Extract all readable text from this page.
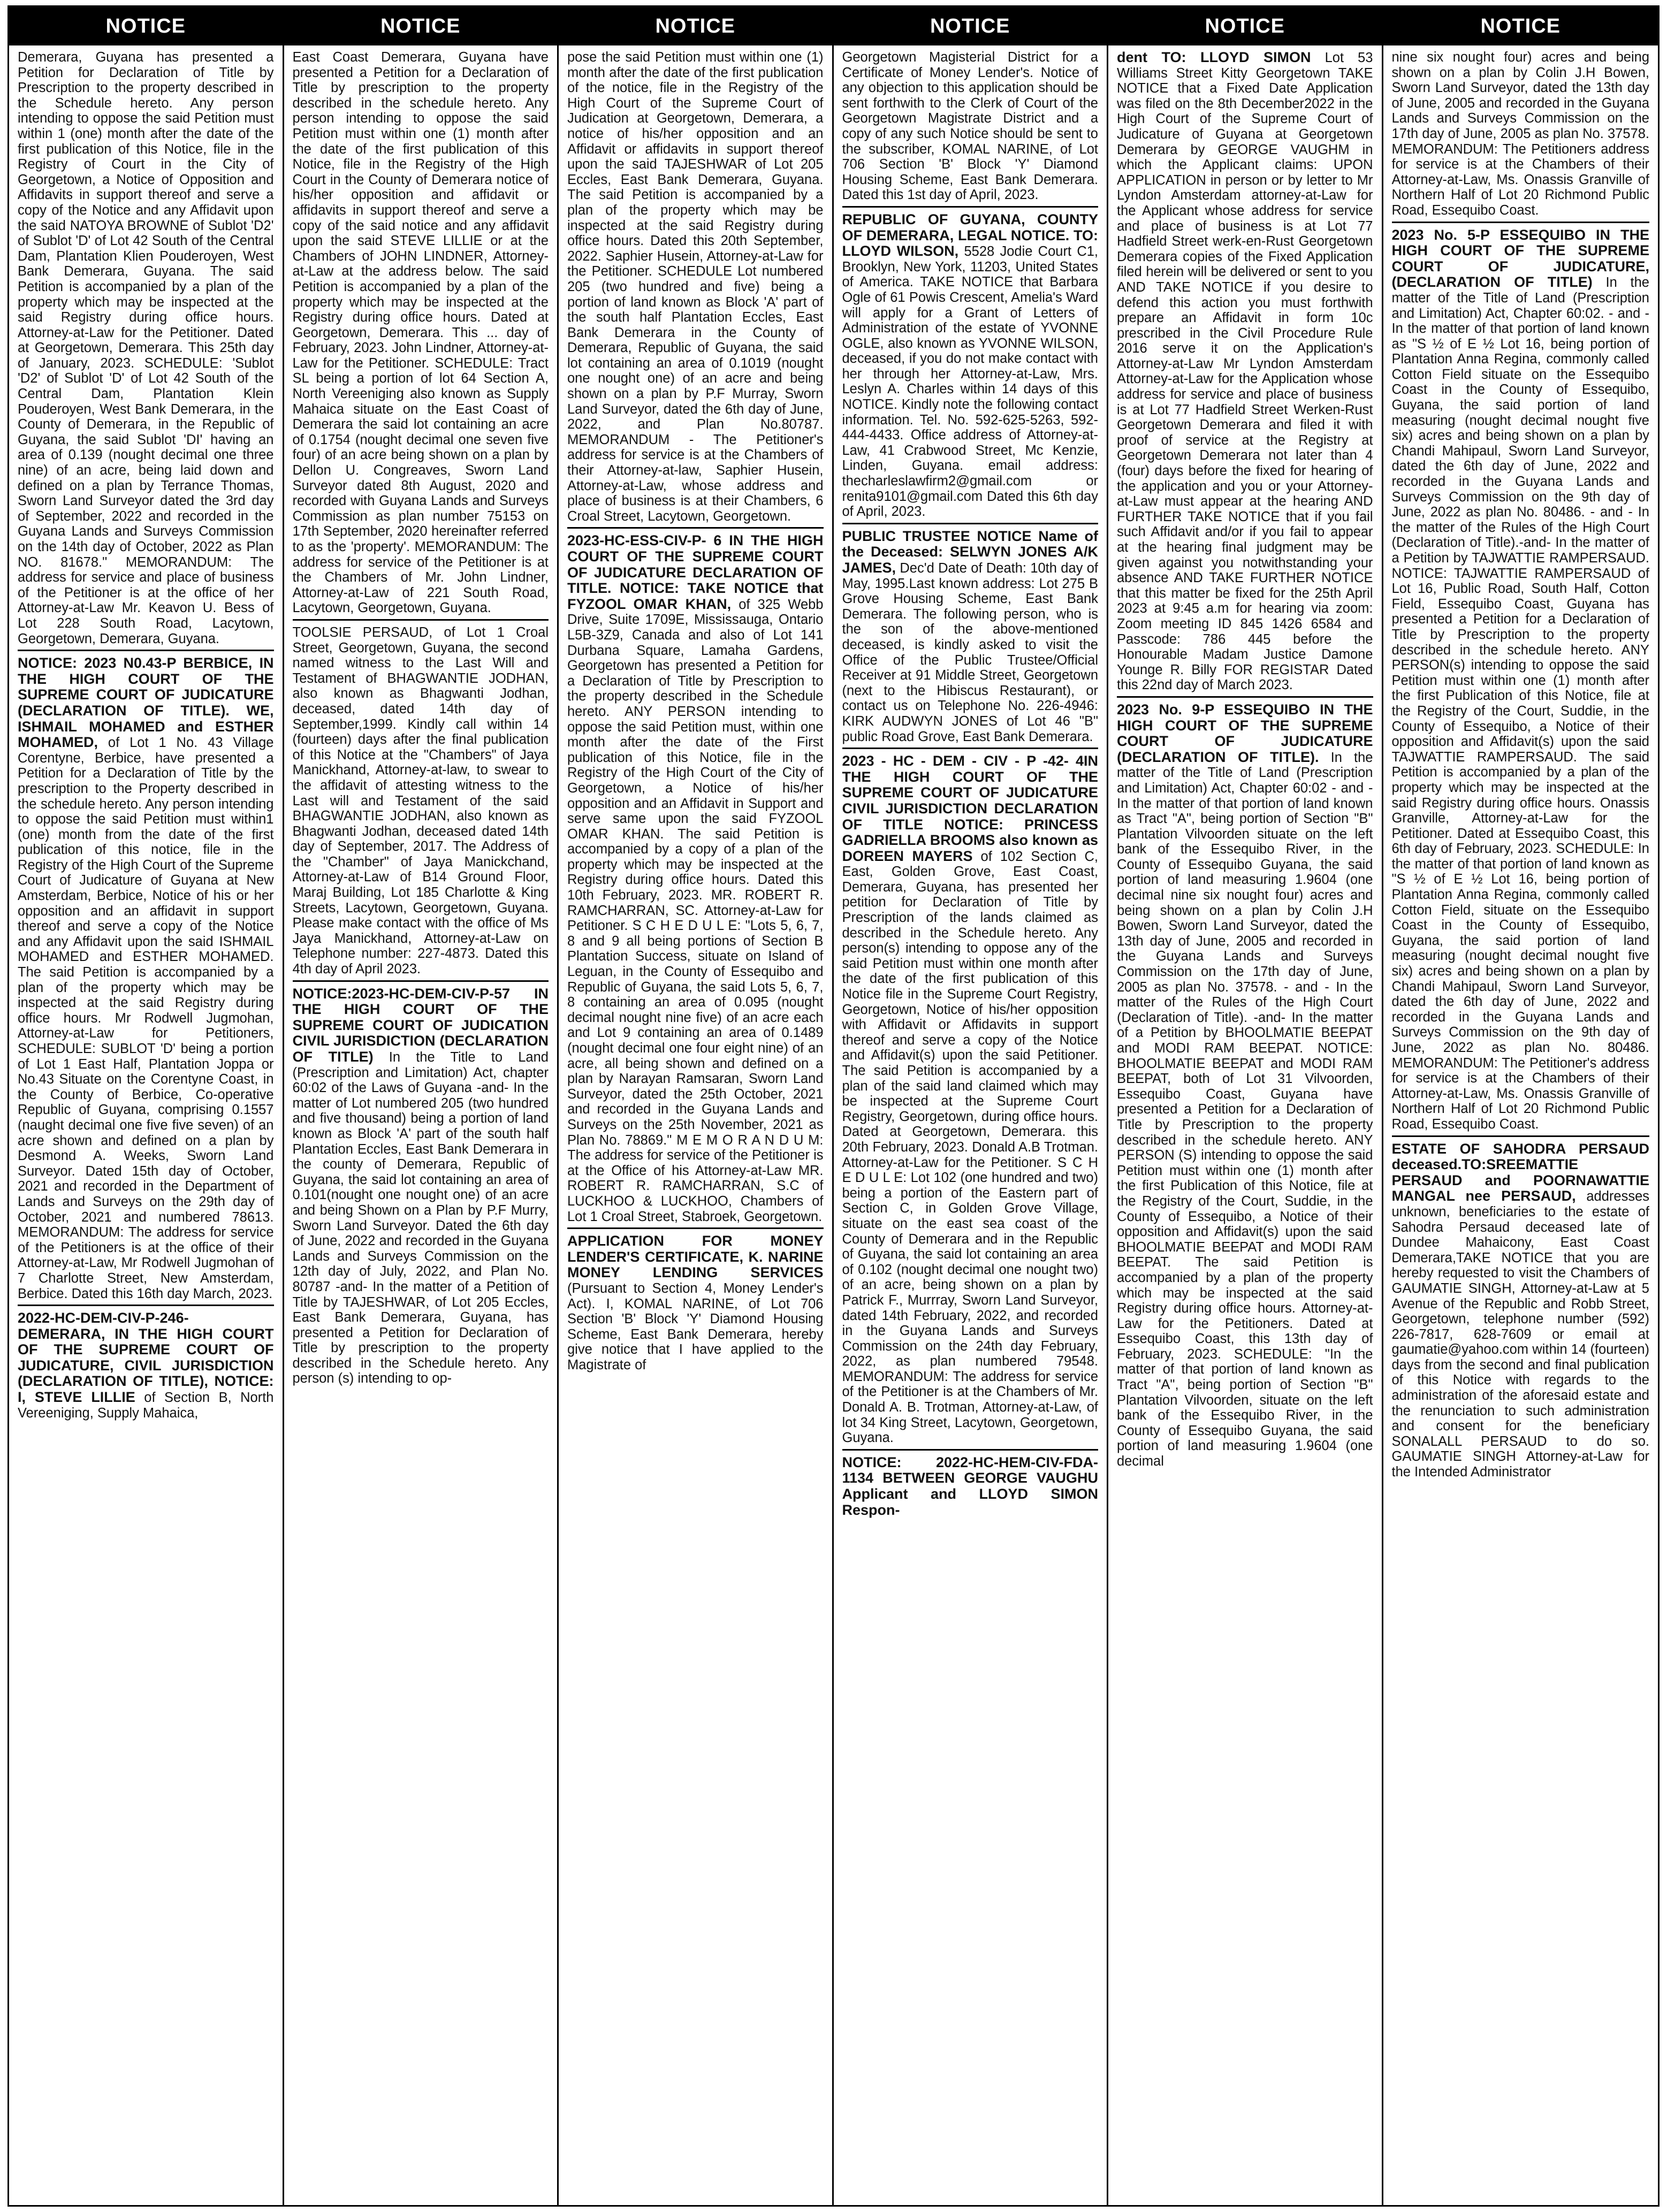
NOTICE

Demerara, Guyana has presented a Petition for Declaration of Title by Prescription to the property described in the Schedule hereto. Any person intending to oppose the said Petition must within 1 (one) month after the date of the first publication of this Notice, file in the Registry of Court in the City of Georgetown, a Notice of Opposition and Affidavits in support thereof and serve a copy of the Notice and any Affidavit upon the said NATOYA BROWNE of Sublot 'D2' of Sublot 'D' of Lot 42 South of the Central Dam, Plantation Klien Pouderoyen, West Bank Demerara, Guyana. The said Petition is accompanied by a plan of the property which may be inspected at the said Registry during office hours. Attorney-at-Law for the Petitioner. Dated at Georgetown, Demerara. This 25th day of January, 2023. SCHEDULE: 'Sublot 'D2' of Sublot 'D' of Lot 42 South of the Central Dam, Plantation Klein Pouderoyen, West Bank Demerara, in the County of Demerara, in the Republic of Guyana, the said Sublot 'DI' having an area of 0.139 (nought decimal one three nine) of an acre, being laid down and defined on a plan by Terrance Thomas, Sworn Land Surveyor dated the 3rd day of September, 2022 and recorded in the Guyana Lands and Surveys Commission on the 14th day of October, 2022 as Plan NO. 81678." MEMORANDUM: The address for service and place of business of the Petitioner is at the office of her Attorney-at-Law Mr. Keavon U. Bess of Lot 228 South Road, Lacytown, Georgetown, Demerara, Guyana.

NOTICE: 2023 N0.43-P BERBICE, IN THE HIGH COURT OF THE SUPREME COURT OF JUDICATURE (DECLARATION OF TITLE). WE, ISHMAIL MOHAMED and ESTHER MOHAMED, of Lot 1 No. 43 Village Corentyne, Berbice, have presented a Petition for a Declaration of Title by the prescription to the Property described in the schedule hereto. Any person intending to oppose the said Petition must within1 (one) month from the date of the first publication of this notice, file in the Registry of the High Court of the Supreme Court of Judicature of Guyana at New Amsterdam, Berbice, Notice of his or her opposition and an affidavit in support thereof and serve a copy of the Notice and any Affidavit upon the said ISHMAIL MOHAMED and ESTHER MOHAMED. The said Petition is accompanied by a plan of the property which may be inspected at the said Registry during office hours. Mr Rodwell Jugmohan, Attorney-at-Law for Petitioners, SCHEDULE: SUBLOT 'D' being a portion of Lot 1 East Half, Plantation Joppa or No.43 Situate on the Corentyne Coast, in the County of Berbice, Co-operative Republic of Guyana, comprising 0.1557 (naught decimal one five five seven) of an acre shown and defined on a plan by Desmond A. Weeks, Sworn Land Surveyor. Dated 15th day of October, 2021 and recorded in the Department of Lands and Surveys on the 29th day of October, 2021 and numbered 78613. MEMORANDUM: The address for service of the Petitioners is at the office of their Attorney-at-Law, Mr Rodwell Jugmohan of 7 Charlotte Street, New Amsterdam, Berbice. Dated this 16th day March, 2023.

2022-HC-DEM-CIV-P-246-DEMERARA, IN THE HIGH COURT OF THE SUPREME COURT OF JUDICATURE, CIVIL JURISDICTION (DECLARATION OF TITLE), NOTICE: I, STEVE LILLIE of Section B, North Vereeniging, Supply Mahaica,

NOTICE

East Coast Demerara, Guyana have presented a Petition for a Declaration of Title by prescription to the property described in the schedule hereto. Any person intending to oppose the said Petition must within one (1) month after the date of the first publication of this Notice, file in the Registry of the High Court in the County of Demerara notice of his/her opposition and affidavit or affidavits in support thereof and serve a copy of the said notice and any affidavit upon the said STEVE LILLIE or at the Chambers of JOHN LINDNER, Attorney-at-Law at the address below. The said Petition is accompanied by a plan of the property which may be inspected at the Registry during office hours. Dated at Georgetown, Demerara. This ... day of February, 2023. John Lindner, Attorney-at-Law for the Petitioner. SCHEDULE: Tract SL being a portion of lot 64 Section A, North Vereeniging also known as Supply Mahaica situate on the East Coast of Demerara the said lot containing an acre of 0.1754 (nought decimal one seven five four) of an acre being shown on a plan by Dellon U. Congreaves, Sworn Land Surveyor dated 8th August, 2020 and recorded with Guyana Lands and Surveys Commission as plan number 75153 on 17th September, 2020 hereinafter referred to as the 'property'. MEMORANDUM: The address for service of the Petitioner is at the Chambers of Mr. John Lindner, Attorney-at-Law of 221 South Road, Lacytown, Georgetown, Guyana.

TOOLSIE PERSAUD, of Lot 1 Croal Street, Georgetown, Guyana, the second named witness to the Last Will and Testament of BHAGWANTIE JODHAN, also known as Bhagwanti Jodhan, deceased, dated 14th day of September,1999. Kindly call within 14 (fourteen) days after the final publication of this Notice at the "Chambers" of Jaya Manickhand, Attorney-at-law, to swear to the affidavit of attesting witness to the Last will and Testament of the said BHAGWANTIE JODHAN, also known as Bhagwanti Jodhan, deceased dated 14th day of September, 2017. The Address of the "Chamber" of Jaya Manickchand, Attorney-at-Law of B14 Ground Floor, Maraj Building, Lot 185 Charlotte & King Streets, Lacytown, Georgetown, Guyana. Please make contact with the office of Ms Jaya Manickhand, Attorney-at-Law on Telephone number: 227-4873. Dated this 4th day of April 2023.

NOTICE:2023-HC-DEM-CIV-P-57 IN THE HIGH COURT OF THE SUPREME COURT OF JUDICATION CIVIL JURISDICTION (DECLARATION OF TITLE) In the Title to Land (Prescription and Limitation) Act, chapter 60:02 of the Laws of Guyana -and- In the matter of Lot numbered 205 (two hundred and five thousand) being a portion of land known as Block 'A' part of the south half Plantation Eccles, East Bank Demerara in the county of Demerara, Republic of Guyana, the said lot containing an area of 0.101(nought one nought one) of an acre and being Shown on a Plan by P.F Murry, Sworn Land Surveyor. Dated the 6th day of June, 2022 and recorded in the Guyana Lands and Surveys Commission on the 12th day of July, 2022, and Plan No. 80787 -and- In the matter of a Petition of Title by TAJESHWAR, of Lot 205 Eccles, East Bank Demerara, Guyana, has presented a Petition for Declaration of Title by prescription to the property described in the Schedule hereto. Any person (s) intending to op-

NOTICE

pose the said Petition must within one (1) month after the date of the first publication of the notice, file in the Registry of the High Court of the Supreme Court of Judication at Georgetown, Demerara, a notice of his/her opposition and an Affidavit or affidavits in support thereof upon the said TAJESHWAR of Lot 205 Eccles, East Bank Demerara, Guyana. The said Petition is accompanied by a plan of the property which may be inspected at the said Registry during office hours. Dated this 20th September, 2022. Saphier Husein, Attorney-at-Law for the Petitioner. SCHEDULE Lot numbered 205 (two hundred and five) being a portion of land known as Block 'A' part of the south half Plantation Eccles, East Bank Demerara in the County of Demerara, Republic of Guyana, the said lot containing an area of 0.1019 (nought one nought one) of an acre and being shown on a plan by P.F Murray, Sworn Land Surveyor, dated the 6th day of June, 2022, and Plan No.80787. MEMORANDUM - The Petitioner's address for service is at the Chambers of their Attorney-at-law, Saphier Husein, Attorney-at-Law, whose address and place of business is at their Chambers, 6 Croal Street, Lacytown, Georgetown.

2023-HC-ESS-CIV-P- 6 IN THE HIGH COURT OF THE SUPREME COURT OF JUDICATURE DECLARATION OF TITLE. NOTICE: TAKE NOTICE that FYZOOL OMAR KHAN, of 325 Webb Drive, Suite 1709E, Mississauga, Ontario L5B-3Z9, Canada and also of Lot 141 Durbana Square, Lamaha Gardens, Georgetown has presented a Petition for a Declaration of Title by Prescription to the property described in the Schedule hereto. ANY PERSON intending to oppose the said Petition must, within one month after the date of the First publication of this Notice, file in the Registry of the High Court of the City of Georgetown, a Notice of his/her opposition and an Affidavit in Support and serve same upon the said FYZOOL OMAR KHAN. The said Petition is accompanied by a copy of a plan of the property which may be inspected at the Registry during office hours. Dated this 10th February, 2023. MR. ROBERT R. RAMCHARRAN, SC. Attorney-at-Law for Petitioner. S C H E D U L E: "Lots 5, 6, 7, 8 and 9 all being portions of Section B Plantation Success, situate on Island of Leguan, in the County of Essequibo and Republic of Guyana, the said Lots 5, 6, 7, 8 containing an area of 0.095 (nought decimal nought nine five) of an acre each and Lot 9 containing an area of 0.1489 (nought decimal one four eight nine) of an acre, all being shown and defined on a plan by Narayan Ramsaran, Sworn Land Surveyor, dated the 25th October, 2021 and recorded in the Guyana Lands and Surveys on the 25th November, 2021 as Plan No. 78869." M E M O R A N D U M: The address for service of the Petitioner is at the Office of his Attorney-at-Law MR. ROBERT R. RAMCHARRAN, S.C of LUCKHOO & LUCKHOO, Chambers of Lot 1 Croal Street, Stabroek, Georgetown.

APPLICATION FOR MONEY LENDER'S CERTIFICATE, K. NARINE MONEY LENDING SERVICES (Pursuant to Section 4, Money Lender's Act). I, KOMAL NARINE, of Lot 706 Section 'B' Block 'Y' Diamond Housing Scheme, East Bank Demerara, hereby give notice that I have applied to the Magistrate of

NOTICE

Georgetown Magisterial District for a Certificate of Money Lender's. Notice of any objection to this application should be sent forthwith to the Clerk of Court of the Georgetown Magistrate District and a copy of any such Notice should be sent to the subscriber, KOMAL NARINE, of Lot 706 Section 'B' Block 'Y' Diamond Housing Scheme, East Bank Demerara. Dated this 1st day of April, 2023.

REPUBLIC OF GUYANA, COUNTY OF DEMERARA, LEGAL NOTICE. TO: LLOYD WILSON, 5528 Jodie Court C1, Brooklyn, New York, 11203, United States of America. TAKE NOTICE that Barbara Ogle of 61 Powis Crescent, Amelia's Ward will apply for a Grant of Letters of Administration of the estate of YVONNE OGLE, also known as YVONNE WILSON, deceased, if you do not make contact with her through her Attorney-at-Law, Mrs. Leslyn A. Charles within 14 days of this NOTICE. Kindly note the following contact information. Tel. No. 592-625-5263, 592-444-4433. Office address of Attorney-at-Law, 41 Crabwood Street, Mc Kenzie, Linden, Guyana. email address: thecharleslawfirm2@gmail.com or renita9101@gmail.com Dated this 6th day of April, 2023.

PUBLIC TRUSTEE NOTICE Name of the Deceased: SELWYN JONES A/K JAMES, Dec'd Date of Death: 10th day of May, 1995.Last known address: Lot 275 B Grove Housing Scheme, East Bank Demerara. The following person, who is the son of the above-mentioned deceased, is kindly asked to visit the Office of the Public Trustee/Official Receiver at 91 Middle Street, Georgetown (next to the Hibiscus Restaurant), or contact us on Telephone No. 226-4946: KIRK AUDWYN JONES of Lot 46 "B" public Road Grove, East Bank Demerara.

2023 - HC - DEM - CIV - P -42- 4IN THE HIGH COURT OF THE SUPREME COURT OF JUDICATURE CIVIL JURISDICTION DECLARATION OF TITLE NOTICE: PRINCESS GADRIELLA BROOMS also known as DOREEN MAYERS of 102 Section C, East, Golden Grove, East Coast, Demerara, Guyana, has presented her petition for Declaration of Title by Prescription of the lands claimed as described in the Schedule hereto. Any person(s) intending to oppose any of the said Petition must within one month after the date of the first publication of this Notice file in the Supreme Court Registry, Georgetown, Notice of his/her opposition with Affidavit or Affidavits in support thereof and serve a copy of the Notice and Affidavit(s) upon the said Petitioner. The said Petition is accompanied by a plan of the said land claimed which may be inspected at the Supreme Court Registry, Georgetown, during office hours. Dated at Georgetown, Demerara. this 20th February, 2023. Donald A.B Trotman. Attorney-at-Law for the Petitioner. S C H E D U L E: Lot 102 (one hundred and two) being a portion of the Eastern part of Section C, in Golden Grove Village, situate on the east sea coast of the County of Demerara and in the Republic of Guyana, the said lot containing an area of 0.102 (nought decimal one nought two) of an acre, being shown on a plan by Patrick F., Murrray, Sworn Land Surveyor, dated 14th February, 2022, and recorded in the Guyana Lands and Surveys Commission on the 24th day February, 2022, as plan numbered 79548. MEMORANDUM: The address for service of the Petitioner is at the Chambers of Mr. Donald A. B. Trotman, Attorney-at-Law, of lot 34 King Street, Lacytown, Georgetown, Guyana.

NOTICE: 2022-HC-HEM-CIV-FDA-1134 BETWEEN GEORGE VAUGHU Applicant and LLOYD SIMON Respon-

NOTICE

dent TO: LLOYD SIMON Lot 53 Williams Street Kitty Georgetown TAKE NOTICE that a Fixed Date Application was filed on the 8th December2022 in the High Court of the Supreme Court of Judicature of Guyana at Georgetown Demerara by GEORGE VAUGHM in which the Applicant claims: UPON APPLICATION in person or by letter to Mr Lyndon Amsterdam attorney-at-Law for the Applicant whose address for service and place of business is at Lot 77 Hadfield Street werk-en-Rust Georgetown Demerara copies of the Fixed Application filed herein will be delivered or sent to you AND TAKE NOTICE if you desire to defend this action you must forthwith prepare an Affidavit in form 10c prescribed in the Civil Procedure Rule 2016 serve it on the Application's Attorney-at-Law Mr Lyndon Amsterdam Attorney-at-Law for the Application whose address for service and place of business is at Lot 77 Hadfield Street Werken-Rust Georgetown Demerara and filed it with proof of service at the Registry at Georgetown Demerara not later than 4 (four) days before the fixed for hearing of the application and you or your Attorney-at-Law must appear at the hearing AND FURTHER TAKE NOTICE that if you fail such Affidavit and/or if you fail to appear at the hearing final judgment may be given against you notwithstanding your absence AND TAKE FURTHER NOTICE that this matter be fixed for the 25th April 2023 at 9:45 a.m for hearing via zoom: Zoom meeting ID 845 1426 6584 and Passcode: 786 445 before the Honourable Madam Justice Damone Younge R. Billy FOR REGISTAR Dated this 22nd day of March 2023.

2023 No. 9-P ESSEQUIBO IN THE HIGH COURT OF THE SUPREME COURT OF JUDICATURE (DECLARATION OF TITLE). In the matter of the Title of Land (Prescription and Limitation) Act, Chapter 60:02 - and - In the matter of that portion of land known as Tract "A", being portion of Section "B" Plantation Vilvoorden situate on the left bank of the Essequibo River, in the County of Essequibo Guyana, the said portion of land measuring 1.9604 (one decimal nine six nought four) acres and being shown on a plan by Colin J.H Bowen, Sworn Land Surveyor, dated the 13th day of June, 2005 and recorded in the Guyana Lands and Surveys Commission on the 17th day of June, 2005 as plan No. 37578. - and - In the matter of the Rules of the High Court (Declaration of Title). -and- In the matter of a Petition by BHOOLMATIE BEEPAT and MODI RAM BEEPAT. NOTICE: BHOOLMATIE BEEPAT and MODI RAM BEEPAT, both of Lot 31 Vilvoorden, Essequibo Coast, Guyana have presented a Petition for a Declaration of Title by Prescription to the property described in the schedule hereto. ANY PERSON (S) intending to oppose the said Petition must within one (1) month after the first Publication of this Notice, file at the Registry of the Court, Suddie, in the County of Essequibo, a Notice of their opposition and Affidavit(s) upon the said BHOOLMATIE BEEPAT and MODI RAM BEEPAT. The said Petition is accompanied by a plan of the property which may be inspected at the said Registry during office hours. Attorney-at-Law for the Petitioners. Dated at Essequibo Coast, this 13th day of February, 2023. SCHEDULE: "In the matter of that portion of land known as Tract "A", being portion of Section "B" Plantation Vilvoorden, situate on the left bank of the Essequibo River, in the County of Essequibo Guyana, the said portion of land measuring 1.9604 (one decimal

NOTICE

nine six nought four) acres and being shown on a plan by Colin J.H Bowen, Sworn Land Surveyor, dated the 13th day of June, 2005 and recorded in the Guyana Lands and Surveys Commission on the 17th day of June, 2005 as plan No. 37578. MEMORANDUM: The Petitioners address for service is at the Chambers of their Attorney-at-Law, Ms. Onassis Granville of Northern Half of Lot 20 Richmond Public Road, Essequibo Coast.

2023 No. 5-P ESSEQUIBO IN THE HIGH COURT OF THE SUPREME COURT OF JUDICATURE, (DECLARATION OF TITLE) In the matter of the Title of Land (Prescription and Limitation) Act, Chapter 60:02. - and - In the matter of that portion of land known as "S ½ of E ½ Lot 16, being portion of Plantation Anna Regina, commonly called Cotton Field situate on the Essequibo Coast in the County of Essequibo, Guyana, the said portion of land measuring (nought decimal nought five six) acres and being shown on a plan by Chandi Mahipaul, Sworn Land Surveyor, dated the 6th day of June, 2022 and recorded in the Guyana Lands and Surveys Commission on the 9th day of June, 2022 as plan No. 80486. - and - In the matter of the Rules of the High Court (Declaration of Title).-and- In the matter of a Petition by TAJWATTIE RAMPERSAUD. NOTICE: TAJWATTIE RAMPERSAUD of Lot 16, Public Road, South Half, Cotton Field, Essequibo Coast, Guyana has presented a Petition for a Declaration of Title by Prescription to the property described in the schedule hereto. ANY PERSON(s) intending to oppose the said Petition must within one (1) month after the first Publication of this Notice, file at the Registry of the Court, Suddie, in the County of Essequibo, a Notice of their opposition and Affidavit(s) upon the said TAJWATTIE RAMPERSAUD. The said Petition is accompanied by a plan of the property which may be inspected at the said Registry during office hours. Onassis Granville, Attorney-at-Law for the Petitioner. Dated at Essequibo Coast, this 6th day of February, 2023. SCHEDULE: In the matter of that portion of land known as "S ½ of E ½ Lot 16, being portion of Plantation Anna Regina, commonly called Cotton Field, situate on the Essequibo Coast in the County of Essequibo, Guyana, the said portion of land measuring (nought decimal nought five six) acres and being shown on a plan by Chandi Mahipaul, Sworn Land Surveyor, dated the 6th day of June, 2022 and recorded in the Guyana Lands and Surveys Commission on the 9th day of June, 2022 as plan No. 80486. MEMORANDUM: The Petitioner's address for service is at the Chambers of their Attorney-at-Law, Ms. Onassis Granville of Northern Half of Lot 20 Richmond Public Road, Essequibo Coast.

ESTATE OF SAHODRA PERSAUD deceased.TO:SREEMATTIE PERSAUD and POORNAWATTIE MANGAL nee PERSAUD, addresses unknown, beneficiaries to the estate of Sahodra Persaud deceased late of Dundee Mahaicony, East Coast Demerara,TAKE NOTICE that you are hereby requested to visit the Chambers of GAUMATIE SINGH, Attorney-at-Law at 5 Avenue of the Republic and Robb Street, Georgetown, telephone number (592) 226-7817, 628-7609 or email at gaumatie@yahoo.com within 14 (fourteen) days from the second and final publication of this Notice with regards to the administration of the aforesaid estate and the renunciation to such administration and consent for the beneficiary SONALALL PERSAUD to do so. GAUMATIE SINGH Attorney-at-Law for the Intended Administrator
